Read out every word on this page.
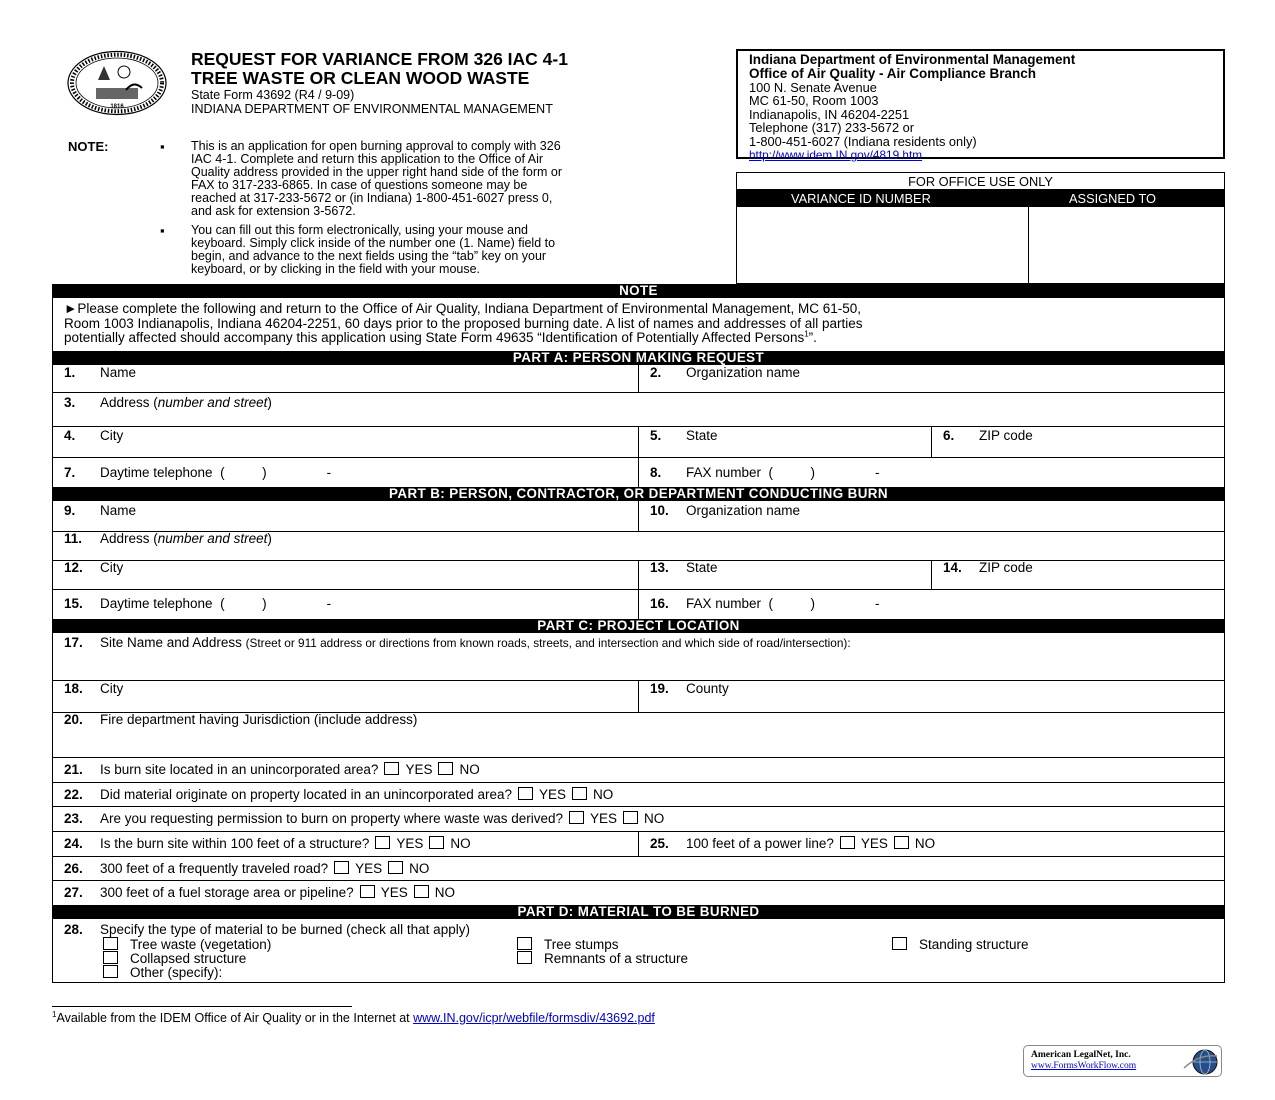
1816
REQUEST FOR VARIANCE FROM 326 IAC 4-1
TREE WASTE OR CLEAN WOOD WASTE
State Form 43692 (R4 / 9-09)
INDIANA DEPARTMENT OF ENVIRONMENTAL MANAGEMENT
NOTE:	▪ This is an application for open burning approval to comply with 326
IAC 4-1. Complete and return this application to the Office of Air
Quality address provided in the upper right hand side of the form or
FAX to 317-233-6865. In case of questions someone may be
reached at 317-233-5672 or (in Indiana) 1-800-451-6027 press 0,
and ask for extension 3-5672.
▪ You can fill out this form electronically, using your mouse and
keyboard. Simply click inside of the number one (1. Name) field to
begin, and advance to the next fields using the “tab” key on your
keyboard, or by clicking in the field with your mouse.
Indiana Department of Environmental Management
Office of Air Quality - Air Compliance Branch
100 N. Senate Avenue
MC 61-50, Room 1003
Indianapolis, IN 46204-2251
Telephone (317) 233-5672 or
1-800-451-6027 (Indiana residents only)
http://www.idem.IN.gov/4819.htm
FOR OFFICE USE ONLY
VARIANCE ID NUMBER	ASSIGNED TO
NOTE
►Please complete the following and return to the Office of Air Quality, Indiana Department of Environmental Management, MC 61-50,
Room 1003 Indianapolis, Indiana 46204-2251, 60 days prior to the proposed burning date. A list of names and addresses of all parties
potentially affected should accompany this application using State Form 49635 “Identification of Potentially Affected Persons$^1$”.
PART A: PERSON MAKING REQUEST
1. Name	2. Organization name
3. Address (number and street)
4. City	5. State	6. ZIP code
7. Daytime telephone  (          )                -	8. FAX number  (          )                -
PART B: PERSON, CONTRACTOR, OR DEPARTMENT CONDUCTING BURN
9. Name	10. Organization name
11. Address (number and street)
12. City	13. State	14. ZIP code
15. Daytime telephone  (          )                -	16. FAX number  (          )                -
PART C: PROJECT LOCATION
17. Site Name and Address (Street or 911 address or directions from known roads, streets, and intersection and which side of road/intersection):
18. City	19. County
20. Fire department having Jurisdiction (include address)
21. Is burn site located in an unincorporated area? YES NO
22. Did material originate on property located in an unincorporated area? YES NO
23. Are you requesting permission to burn on property where waste was derived? YES NO
24. Is the burn site within 100 feet of a structure? YES NO	25. 100 feet of a power line? YES NO
26. 300 feet of a frequently traveled road? YES NO
27. 300 feet of a fuel storage area or pipeline? YES NO
PART D: MATERIAL TO BE BURNED
28. Specify the type of material to be burned (check all that apply)
Tree waste (vegetation)	Tree stumps	Standing structure
Collapsed structure	Remnants of a structure
Other (specify):
$^1$Available from the IDEM Office of Air Quality or in the Internet at www.IN.gov/icpr/webfile/formsdiv/43692.pdf
American LegalNet, Inc.
www.FormsWorkFlow.com
